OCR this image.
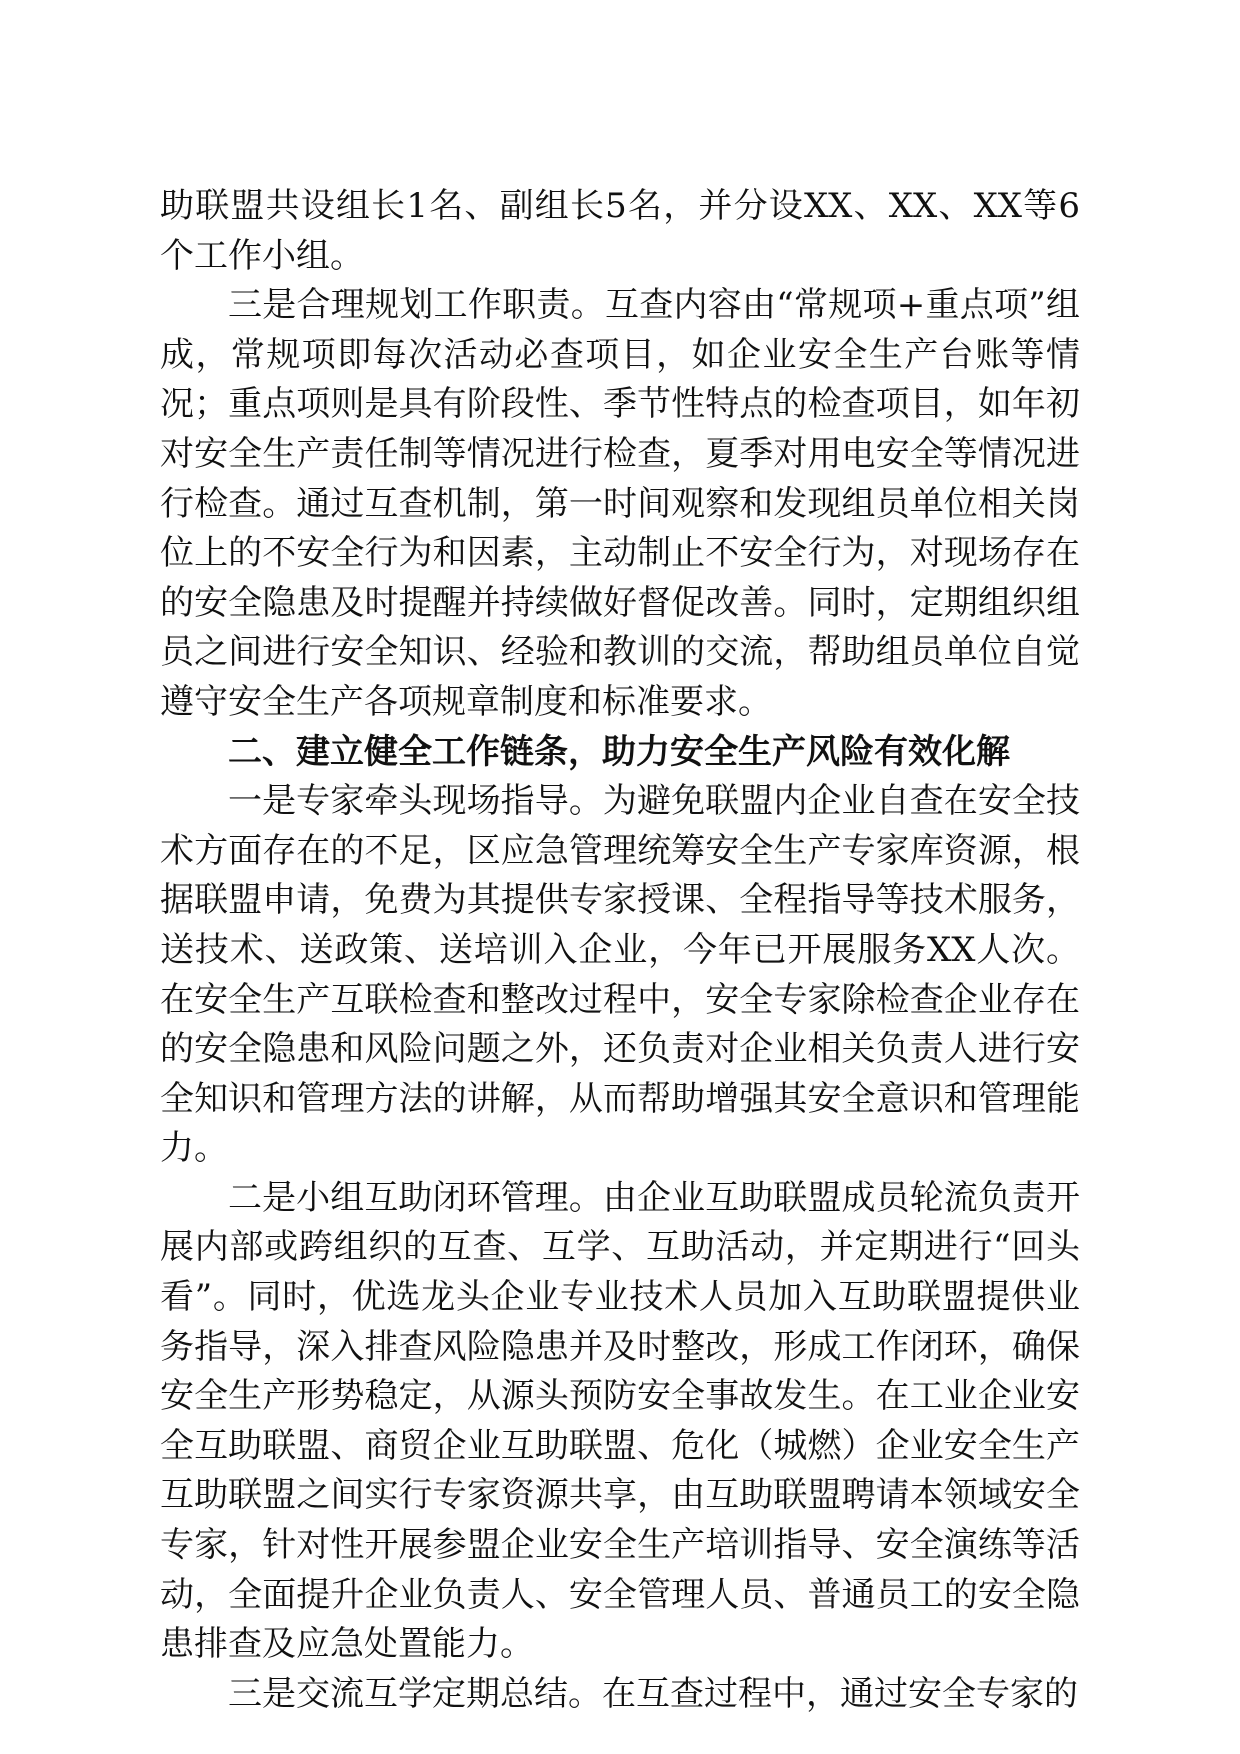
助联盟共设组长1名、副组长5名，并分设XX、XX、XX等6个工作小组。

三是合理规划工作职责。互查内容由“常规项+重点项”组成，常规项即每次活动必查项目，如企业安全生产台账等情况；重点项则是具有阶段性、季节性特点的检查项目，如年初对安全生产责任制等情况进行检查，夏季对用电安全等情况进行检查。通过互查机制，第一时间观察和发现组员单位相关岗位上的不安全行为和因素，主动制止不安全行为，对现场存在的安全隐患及时提醒并持续做好督促改善。同时，定期组织组员之间进行安全知识、经验和教训的交流，帮助组员单位自觉遵守安全生产各项规章制度和标准要求。

二、建立健全工作链条，助力安全生产风险有效化解

一是专家牵头现场指导。为避免联盟内企业自查在安全技术方面存在的不足，区应急管理统筹安全生产专家库资源，根据联盟申请，免费为其提供专家授课、全程指导等技术服务，送技术、送政策、送培训入企业，今年已开展服务XX人次。在安全生产互联检查和整改过程中，安全专家除检查企业存在的安全隐患和风险问题之外，还负责对企业相关负责人进行安全知识和管理方法的讲解，从而帮助增强其安全意识和管理能力。

二是小组互助闭环管理。由企业互助联盟成员轮流负责开展内部或跨组织的互查、互学、互助活动，并定期进行“回头看”。同时，优选龙头企业专业技术人员加入互助联盟提供业务指导，深入排查风险隐患并及时整改，形成工作闭环，确保安全生产形势稳定，从源头预防安全事故发生。在工业企业安全互助联盟、商贸企业互助联盟、危化（城燃）企业安全生产互助联盟之间实行专家资源共享，由互助联盟聘请本领域安全专家，针对性开展参盟企业安全生产培训指导、安全演练等活动，全面提升企业负责人、安全管理人员、普通员工的安全隐患排查及应急处置能力。

三是交流互学定期总结。在互查过程中，通过安全专家的
